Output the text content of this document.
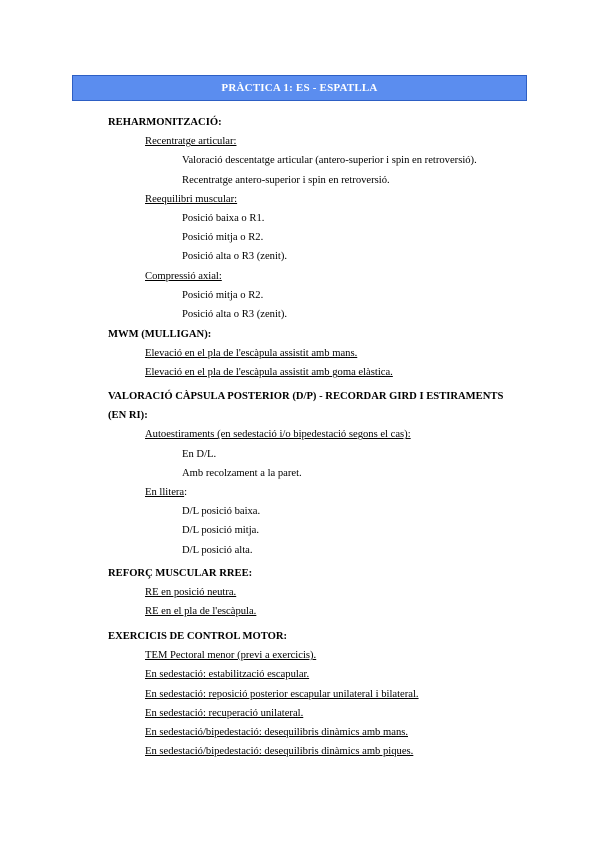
PRÀCTICA 1: ES - ESPATLLA
REHARMONITZACIÓ:
Recentratge articular:
Valoració descentatge articular (antero-superior i spin en retroversió).
Recentratge antero-superior i spin en retroversió.
Reequilibri muscular:
Posició baixa o R1.
Posició mitja o R2.
Posició alta o R3 (zenit).
Compressió axial:
Posició mitja o R2.
Posició alta o R3 (zenit).
MWM (MULLIGAN):
Elevació en el pla de l'escàpula assistit amb mans.
Elevació en el pla de l'escàpula assistit amb goma elàstica.
VALORACIÓ CÀPSULA POSTERIOR (D/P) - RECORDAR GIRD I ESTIRAMENTS
(EN RI):
Autoestiraments (en sedestació i/o bipedestació segons el cas):
En D/L.
Amb recolzament a la paret.
En llitera:
D/L posició baixa.
D/L posició mitja.
D/L posició alta.
REFORÇ MUSCULAR RREE:
RE en posició neutra.
RE en el pla de l'escàpula.
EXERCICIS DE CONTROL MOTOR:
TEM Pectoral menor (previ a exercicis).
En sedestació: estabilització escapular.
En sedestació: reposició posterior escapular unilateral i bilateral.
En sedestació: recuperació unilateral.
En sedestació/bipedestació: desequilibris dinàmics amb mans.
En sedestació/bipedestació: desequilibris dinàmics amb piques.
